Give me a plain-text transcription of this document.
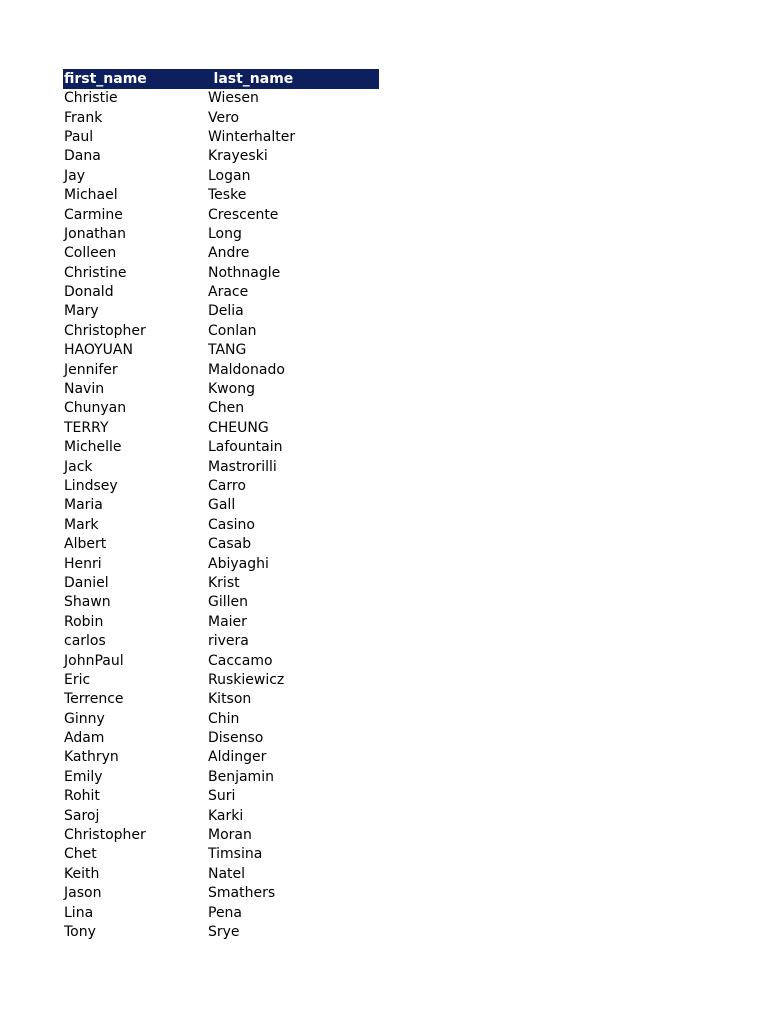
first_name	last_name
Christie	Wiesen
Frank	Vero
Paul	Winterhalter
Dana	Krayeski
Jay	Logan
Michael	Teske
Carmine	Crescente
Jonathan	Long
Colleen	Andre
Christine	Nothnagle
Donald	Arace
Mary	Delia
Christopher	Conlan
HAOYUAN	TANG
Jennifer	Maldonado
Navin	Kwong
Chunyan	Chen
TERRY	CHEUNG
Michelle	Lafountain
Jack	Mastrorilli
Lindsey	Carro
Maria	Gall
Mark	Casino
Albert	Casab
Henri	Abiyaghi
Daniel	Krist
Shawn	Gillen
Robin	Maier
carlos	rivera
JohnPaul	Caccamo
Eric	Ruskiewicz
Terrence	Kitson
Ginny	Chin
Adam	Disenso
Kathryn	Aldinger
Emily	Benjamin
Rohit	Suri
Saroj	Karki
Christopher	Moran
Chet	Timsina
Keith	Natel
Jason	Smathers
Lina	Pena
Tony	Srye
